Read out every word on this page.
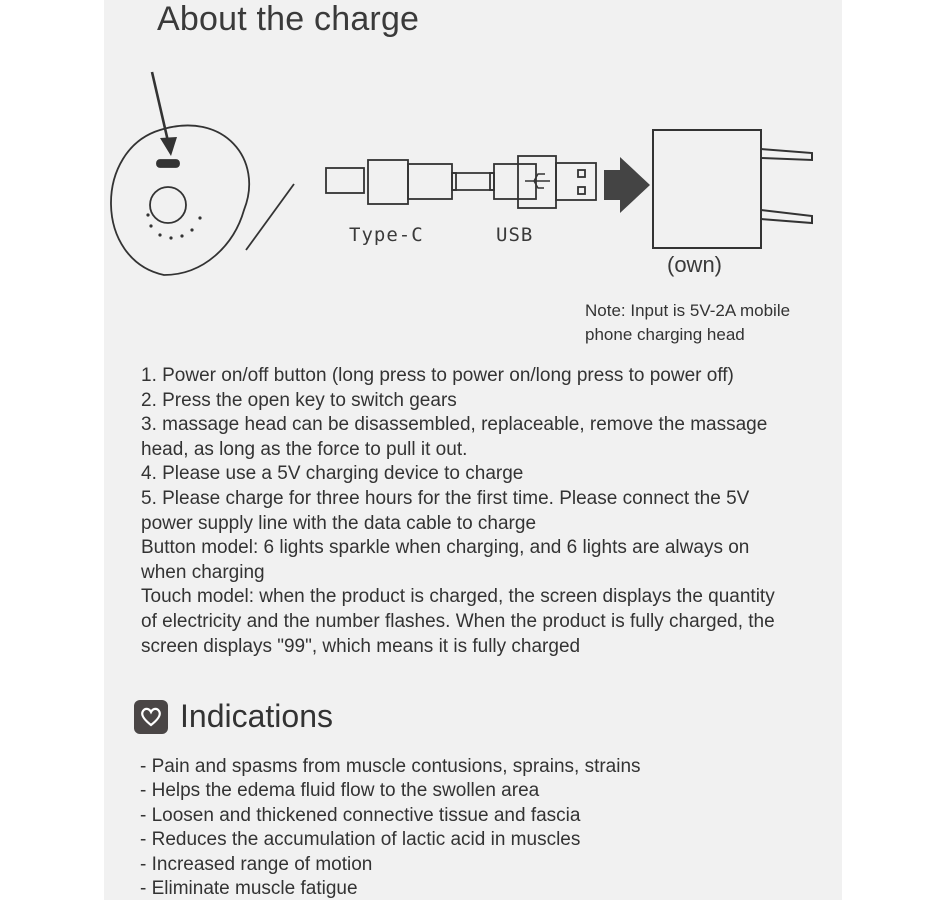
About the charge
Type-C	USB
(own)
Note: Input is 5V-2A mobile phone charging head
1. Power on/off button (long press to power on/long press to power off)
2. Press the open key to switch gears
3. massage head can be disassembled, replaceable, remove the massage
head, as long as the force to pull it out.
4. Please use a 5V charging device to charge
5. Please charge for three hours for the first time. Please connect the 5V
power supply line with the data cable to charge
Button model: 6 lights sparkle when charging, and 6 lights are always on
when charging
Touch model: when the product is charged, the screen displays the quantity
of electricity and the number flashes. When the product is fully charged, the
screen displays "99", which means it is fully charged
Indications
- Pain and spasms from muscle contusions, sprains, strains
- Helps the edema fluid flow to the swollen area
- Loosen and thickened connective tissue and fascia
- Reduces the accumulation of lactic acid in muscles
- Increased range of motion
- Eliminate muscle fatigue
